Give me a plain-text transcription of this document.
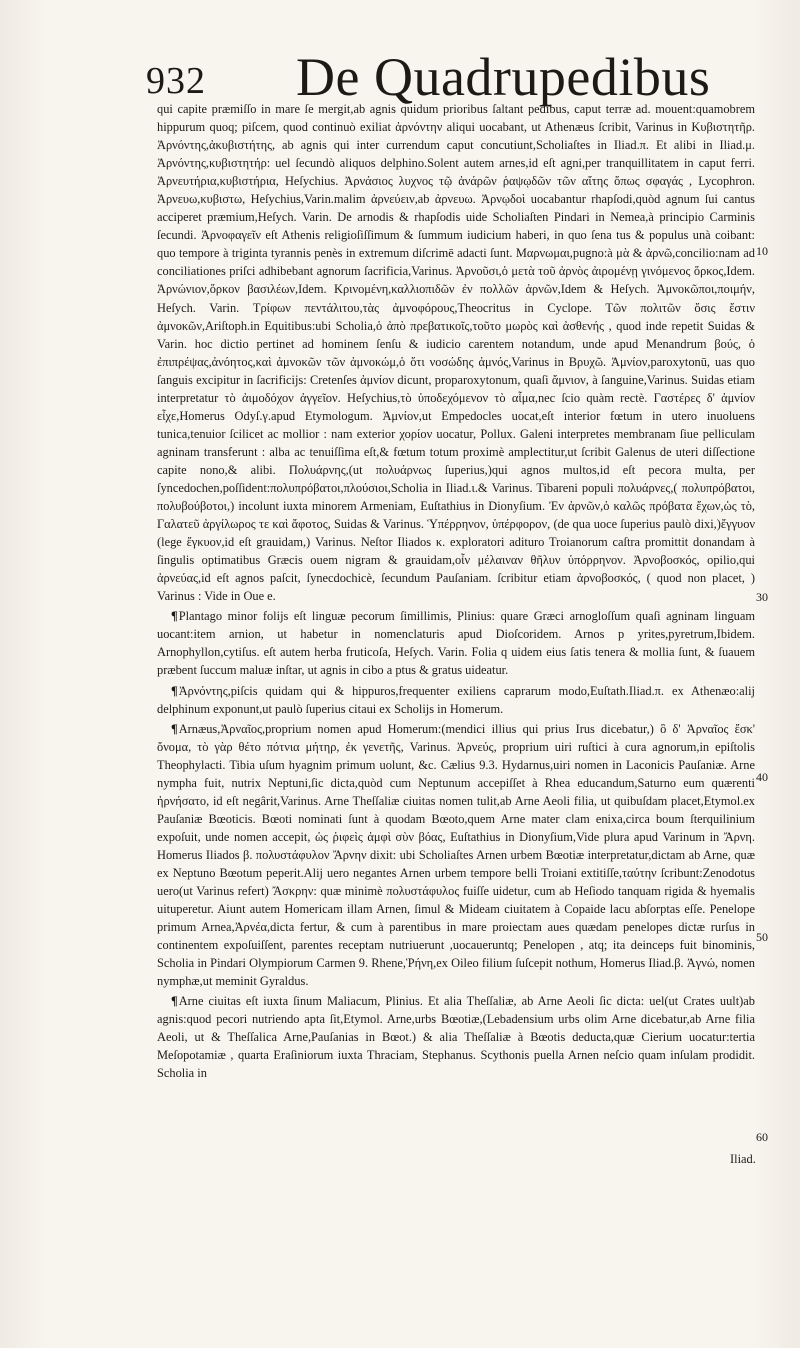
932 De Quadrupedibus

qui capite præmiſſo in mare ſe mergit,ab agnis quidum prioribus ſaltant pedibus, caput terræ ad. mouent:quamobrem hippurum quoq; piſcem, quod continuò exiliat ἀρνόντην aliqui uocabant, ut Athenæus ſcribit, Varinus in Κυβιστητῆρ. Ἀρνόντης,ἀκυβιστήτης, ab agnis qui inter currendum caput concutiunt,Scholiaſtes in Iliad.π. Et alibi in Iliad.μ. Ἀρνόντης,κυβιστητήρ: uel ſecundò aliquos delphino.Solent autem arnes,id eſt agni,per tranquillitatem in caput ferri. Ἀρνευτήρια,κυβιστήρια, Heſychius. Ἀρνάσιος λυχνος τῷ ἀνάρῶν ῥαψῳδῶν τῶν αἴτης ὅπως σφαγάς , Lycophron. Ἀρνευω,κυβιστω, Heſychius,Varin.malim ἀρνεύειν,ab ἀρνευω. Ἀρνῳδοὶ uocabantur rhapſodi,quòd agnum ſui cantus acciperet præmium,Heſych. Varin. De arnodis & rhapſodis uide Scholiaſten Pindari in Nemea,à principio Carminis ſecundi. Ἀρνοφαγεῖν eſt Athenis religioſiſſimum & ſummum iudicium haberi, in quo ſena tus & populus unà coibant: quo tempore à triginta tyrannis penès in extremum diſcrimē adacti ſunt. Μαρνωμαι,pugno:à μὰ & ἀρνῶ,concilio:nam ad conciliationes priſci adhibebant agnorum ſacrificia,Varinus. Ἀρνοῦσι,ὁ μετὰ τοῦ ἀρνὸς ἀιρομένῃ γινόμενος ὅρκος,Idem. Ἀρνώνιον,ὅρκον βασιλέων,Idem. Κρινομένη,καλλιοπιδῶν ἐν πολλῶν ἀρνῶν,Idem & Heſych. Ἀμνοκῶποι,ποιμήν, Heſych. Varin. Τρίφων πεντάλιτου,τὰς ἀμνοφόρους,Theocritus in Cyclope. Τῶν πολιτῶν ὅσις ἔστιν ἀμνοκῶν,Ariſtoph.in Equitibus:ubi Scholia,ὁ ἀπὸ πρεβατικοῖς,τοῦτο μωρὸς καὶ ἀσθενής , quod inde repetit Suidas & Varin. hoc dictio pertinet ad hominem ſenſu & iudicio carentem notandum, unde apud Menandrum βούς, ὁ ἐπιπρέψας,ἀνόητος,καὶ ἀμνοκῶν τῶν ἀμνοκώμ,ὁ ὅτι νοσώδης ἀμνός,Varinus in Βρυχῶ. Ἀμνίον,paroxytonū, uas quo ſanguis excipitur in ſacrificijs: Cretenſes ἀμνίον dicunt, proparoxytonum, quaſi ἄμνιον, à ſanguine,Varinus. Suidas etiam interpretatur τὸ ἀιμοδόχον ἀγγεῖον. Heſychius,τὸ ὑποδεχόμενον τὸ αἷμα,nec ſcio quàm rectè. Γαστέρες δ' ἀμνίον εἶχε,Homerus Odyſ.γ.apud Etymologum. Ἀμνίον,ut Empedocles uocat,eſt interior fœtum in utero inuoluens tunica,tenuior ſcilicet ac mollior : nam exterior χορίον uocatur, Pollux. Galeni interpretes membranam ſiue pelliculam agninam transferunt : alba ac tenuiſſima eſt,& fœtum totum proximè amplectitur,ut ſcribit Galenus de uteri diſſectione capite nono,& alibi. Πολυάρνης,(ut πολυάρνως ſuperius,)qui agnos multos,id eſt pecora multa, per ſyncedochen,poſſident:πολυπρόβατοι,πλούσιοι,Scholia in Iliad.ι.& Varinus. Tibareni populi πολυάρνες,( πολυπρόβατοι, πολυβούβοτοι,) incolunt iuxta minorem Armeniam, Euſtathius in Dionyſium. Ἐν ἀρνῶν,ὁ καλῶς πρόβατα ἔχων,ὡς τὸ, Γαλατεῦ ἀργίλωρος τε καὶ ἄφοτος, Suidas & Varinus. Ὑπέρρηνον, ὑπέρφορον, (de qua uoce ſuperius paulò dixi,)ἔγγυον (lege ἔγκυον,id eſt grauidam,) Varinus. Neſtor Iliados κ. exploratori adituro Troianorum caſtra promittit donandam à ſingulis optimatibus Græcis ouem nigram & grauidam,οἶν μέλαιναν θῆλυν ὑπόρρηνον. Ἀρνοβοσκός, opilio,qui ἀρνεύας,id eſt agnos paſcit, ſynecdochicè, ſecundum Pauſaniam. ſcribitur etiam ἀρνοβοσκός, ( quod non placet, ) Varinus : Vide in Oue e.

¶Plantago minor folijs eſt linguæ pecorum ſimillimis, Plinius: quare Græci arnogloſſum quaſi agninam linguam uocant:item arnion, ut habetur in nomenclaturis apud Dioſcoridem. Arnos p yrites,pyretrum,Ibidem. Arnophyllon,cytiſus. eſt autem herba fruticoſa, Heſych. Varin. Folia q uidem eius ſatis tenera & mollia ſunt, & ſuauem præbent ſuccum maluæ inſtar, ut agnis in cibo a ptus & gratus uideatur.

¶Ἀρνόντης,piſcis quidam qui & hippuros,frequenter exiliens caprarum modo,Euſtath.Iliad.π. ex Athenæo:alij delphinum exponunt,ut paulò ſuperius citaui ex Scholijs in Homerum.

¶Arnæus,Ἀρναῖος,proprium nomen apud Homerum:(mendici illius qui prius Irus dicebatur,) ὃ δ' Ἀρναῖος ἔσκ' ὄνομα, τὸ γὰρ θέτο πότνια μήτηρ, ἐκ γενετῆς, Varinus. Ἀρνεύς, proprium uiri ruſtici à cura agnorum,in epiſtolis Theophylacti. Tibia uſum hyagnim primum uolunt, &c. Cælius 9.3. Hydarnus,uiri nomen in Laconicis Pauſaniæ. Arne nympha fuit, nutrix Neptuni,ſic dicta,quòd cum Neptunum accepiſſet à Rhea educandum,Saturno eum quærenti ἠρνήσατο, id eſt negârit,Varinus. Arne Theſſaliæ ciuitas nomen tulit,ab Arne Aeoli filia, ut quibuſdam placet,Etymol.ex Pauſaniæ Bœoticis. Bœoti nominati ſunt à quodam Bœoto,quem Arne mater clam enixa,circa boum ſterquilinium expoſuit, unde nomen accepit, ὡς ῥιφεὶς ἀμφὶ σὺν βόας, Euſtathius in Dionyſium,Vide plura apud Varinum in Ἄρνη. Homerus Iliados β. πολυστάφυλον Ἄρνην dixit: ubi Scholiaſtes Arnen urbem Bœotiæ interpretatur,dictam ab Arne, quæ ex Neptuno Bœotum peperit.Alij uero negantes Arnen urbem tempore belli Troiani extitiſſe,ταύτην ſcribunt:Zenodotus uero(ut Varinus refert) Ἄσκρην: quæ minimè πολυστάφυλος fuiſſe uidetur, cum ab Heſiodo tanquam rigida & hyemalis uituperetur. Aiunt autem Homericam illam Arnen, ſimul & Mideam ciuitatem à Copaide lacu abſorptas eſſe. Penelope primum Arnea,Ἀρνέα,dicta fertur, & cum à parentibus in mare proiectam aues quædam penelopes dictæ rurſus in continentem expoſuiſſent, parentes receptam nutriuerunt ,uocaueruntq; Penelopen , atq; ita deinceps fuit binominis, Scholia in Pindari Olympiorum Carmen 9. Rhene,Ῥήνη,ex Oileo filium ſuſcepit nothum, Homerus Iliad.β. Ἀγνώ, nomen nymphæ,ut meminit Gyraldus.

¶Arne ciuitas eſt iuxta ſinum Maliacum, Plinius. Et alia Theſſaliæ, ab Arne Aeoli ſic dicta: uel(ut Crates uult)ab agnis:quod pecori nutriendo apta ſit,Etymol. Arne,urbs Bœotiæ,(Lebadensium urbs olim Arne dicebatur,ab Arne filia Aeoli, ut & Theſſalica Arne,Pauſanias in Bœot.) & alia Theſſaliæ à Bœotis deducta,quæ Cierium uocatur:tertia Meſopotamiæ , quarta Eraſiniorum iuxta Thraciam, Stephanus. Scythonis puella Arnen neſcio quam inſulam prodidit. Scholia in

Iliad.
10
30
40
50
60
